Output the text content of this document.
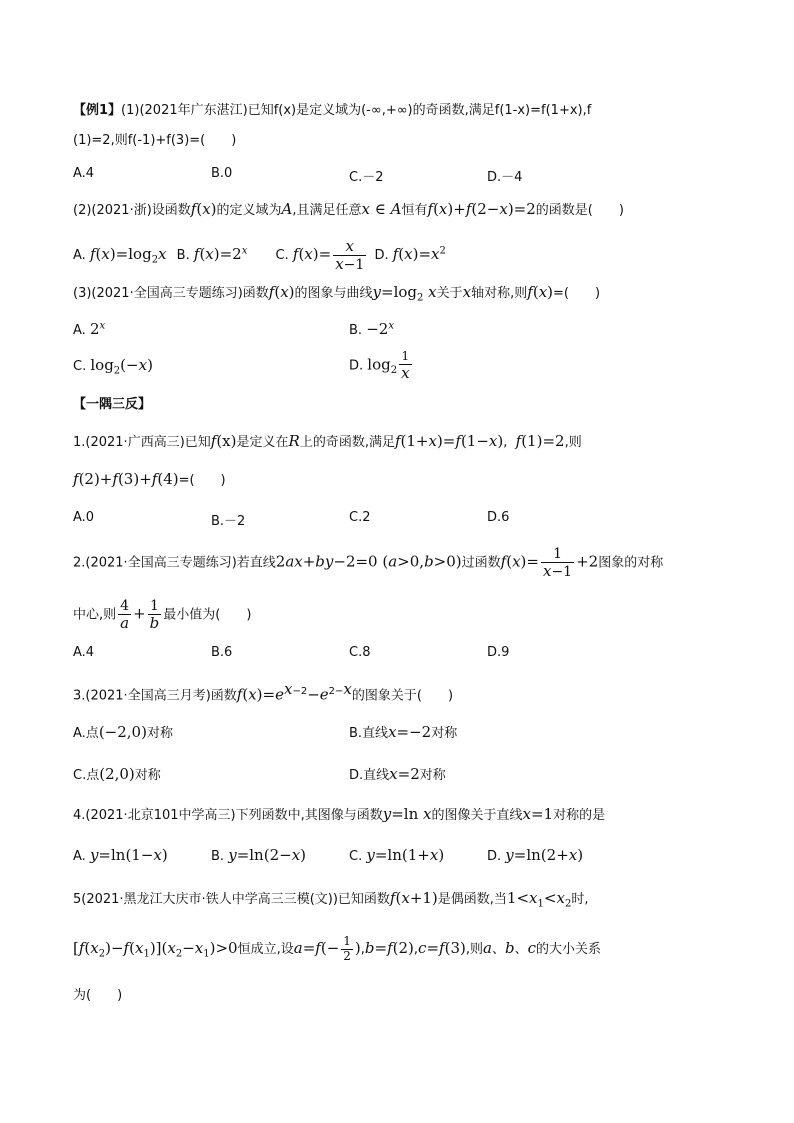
【例1】(1)(2021年广东湛江)已知f(x)是定义域为(-∞,+∞)的奇函数,满足f(1-x)=f(1+x),f
(1)=2,则f(-1)+f(3)=(　　)
A.4	B.0	C.－2	D.－4
(2)(2021·浙)设函数f(x)的定义域为A,且满足任意x ∈ A恒有f(x)+f(2−x)=2的函数是(　　)
A. $f(x)=\log_2x$ B. $f(x)=2^x$ C. $f(x)= \frac{x}{x-1} D$. $f(x)=x^2$
(3)(2021·全国高三专题练习)函数f(x)的图象与曲线$y=\log_2$ x关于x轴对称,则f(x)=(　　)
A. 2$^x$	B. $-2^x$
C. $\log_2(-x)$	D. $\log_2 \frac{1}{x}$
【一隅三反】
1.(2021·广西高三)已知f(x)是定义在R上的奇函数,满足f(1+x)=f(1−x),  f(1)=2,则
f(2)+f(3)+f(4)=(　　)
A.0	B.－2	C.2	D.6
2.(2021·全国高三专题练习)若直线2ax+by−2=0 (a>0,b>0)过函数$f(x)= \frac{1}{x-1} +2$图象的对称
中心,则 $\frac{4}{a} + \frac{1}{b}$ 最小值为(　　)
A.4	B.6	C.8	D.9
3.(2021·全国高三月考)函数$f(x)=e^{x-2}-e^{2-x}$的图象关于(　　)
A.点(−2,0)对称	B.直线x=−2对称
C.点(2,0)对称	D.直线x=2对称
4.(2021·北京101中学高三)下列函数中,其图像与函数y=ln x的图像关于直线x=1对称的是
A. y=ln(1−x)	B. y=ln(2−x)	C. y=ln(1+x)	D. y=ln(2+x)
5(2021·黑龙江大庆市·铁人中学高三三模(文))已知函数f(x+1)是偶函数,当$1<x_1<x_2$时,
$[f(x_2)-f(x_1)](x_2-x_1)>0$恒成立,设$a=f(- \frac{1}{2} ),b=f(2),c=f(3)$,则a、b、c的大小关系
为(　　)
